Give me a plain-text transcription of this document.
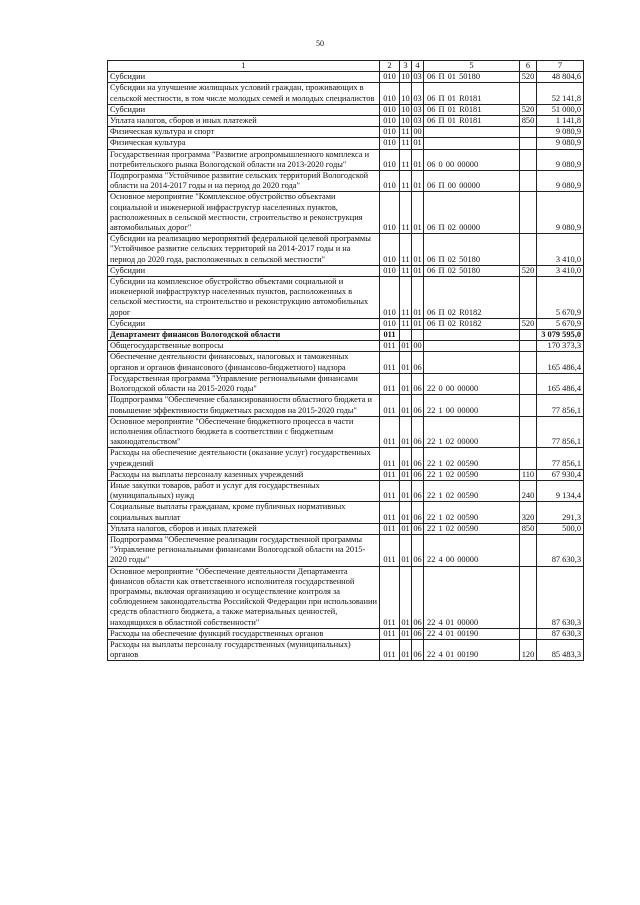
50
1	2	3	4	5	6	7
Субсидии	010	10	03	06 П 01 50180	520	48 804,6
Субсидии на улучшение жилищных условий граждан, проживающих в сельской местности, в том числе молодых семей и молодых специалистов	010	10	03	06 П 01 R0181		52 141,8
Субсидии	010	10	03	06 П 01 R0181	520	51 000,0
Уплата налогов, сборов и иных платежей	010	10	03	06 П 01 R0181	850	1 141,8
Физическая культура и спорт	010	11	00			9 080,9
Физическая культура	010	11	01			9 080,9
Государственная программа "Развитие агропромышленного комплекса и потребительского рынка Вологодской области на 2013-2020 годы"	010	11	01	06 0 00 00000		9 080,9
Подпрограмма "Устойчивое развитие сельских территорий Вологодской области на 2014-2017 годы и на период до 2020 года"	010	11	01	06 П 00 00000		9 080,9
Основное мероприятие "Комплексное обустройство объектами социальной и инженерной инфраструктур населенных пунктов, расположенных в сельской местности, строительство и реконструкция автомобильных дорог"	010	11	01	06 П 02 00000		9 080,9
Субсидии на реализацию мероприятий федеральной целевой программы "Устойчивое развитие сельских территорий на 2014-2017 годы и на период до 2020 года, расположенных в сельской местности"	010	11	01	06 П 02 50180		3 410,0
Субсидии	010	11	01	06 П 02 50180	520	3 410,0
Субсидии на комплексное обустройство объектами социальной и инженерной инфраструктур населенных пунктов, расположенных в сельской местности, на строительство и реконструкцию автомобильных дорог	010	11	01	06 П 02 R0182		5 670,9
Субсидии	010	11	01	06 П 02 R0182	520	5 670,9
Департамент финансов Вологодской области	011					3 079 595,0
Общегосударственные вопросы	011	01	00			170 373,3
Обеспечение деятельности финансовых, налоговых и таможенных органов и органов финансового (финансово-бюджетного) надзора	011	01	06			165 486,4
Государственная программа "Управление региональными финансами Вологодской области на 2015-2020 годы"	011	01	06	22 0 00 00000		165 486,4
Подпрограмма "Обеспечение сбалансированности областного бюджета и повышение эффективности бюджетных расходов на 2015-2020 годы"	011	01	06	22 1 00 00000		77 856,1
Основное мероприятие "Обеспечение бюджетного процесса в части исполнения областного бюджета в соответствии с бюджетным законодательством"	011	01	06	22 1 02 00000		77 856,1
Расходы на обеспечение деятельности (оказание услуг) государственных учреждений	011	01	06	22 1 02 00590		77 856,1
Расходы на выплаты персоналу казенных учреждений	011	01	06	22 1 02 00590	110	67 930,4
Иные закупки товаров, работ и услуг для государственных (муниципальных) нужд	011	01	06	22 1 02 00590	240	9 134,4
Социальные выплаты гражданам, кроме публичных нормативных социальных выплат	011	01	06	22 1 02 00590	320	291,3
Уплата налогов, сборов и иных платежей	011	01	06	22 1 02 00590	850	500,0
Подпрограмма "Обеспечение реализации государственной программы "Управление региональными финансами Вологодской области на 2015-2020 годы"	011	01	06	22 4 00 00000		87 630,3
Основное мероприятие "Обеспечение деятельности Департамента финансов области как ответственного исполнителя государственной программы, включая организацию и осуществление контроля за соблюдением законодательства Российской Федерации при использовании средств областного бюджета, а также материальных ценностей, находящихся в областной собственности"	011	01	06	22 4 01 00000		87 630,3
Расходы на обеспечение функций государственных органов	011	01	06	22 4 01 00190		87 630,3
Расходы на выплаты персоналу государственных (муниципальных) органов	011	01	06	22 4 01 00190	120	85 483,3
